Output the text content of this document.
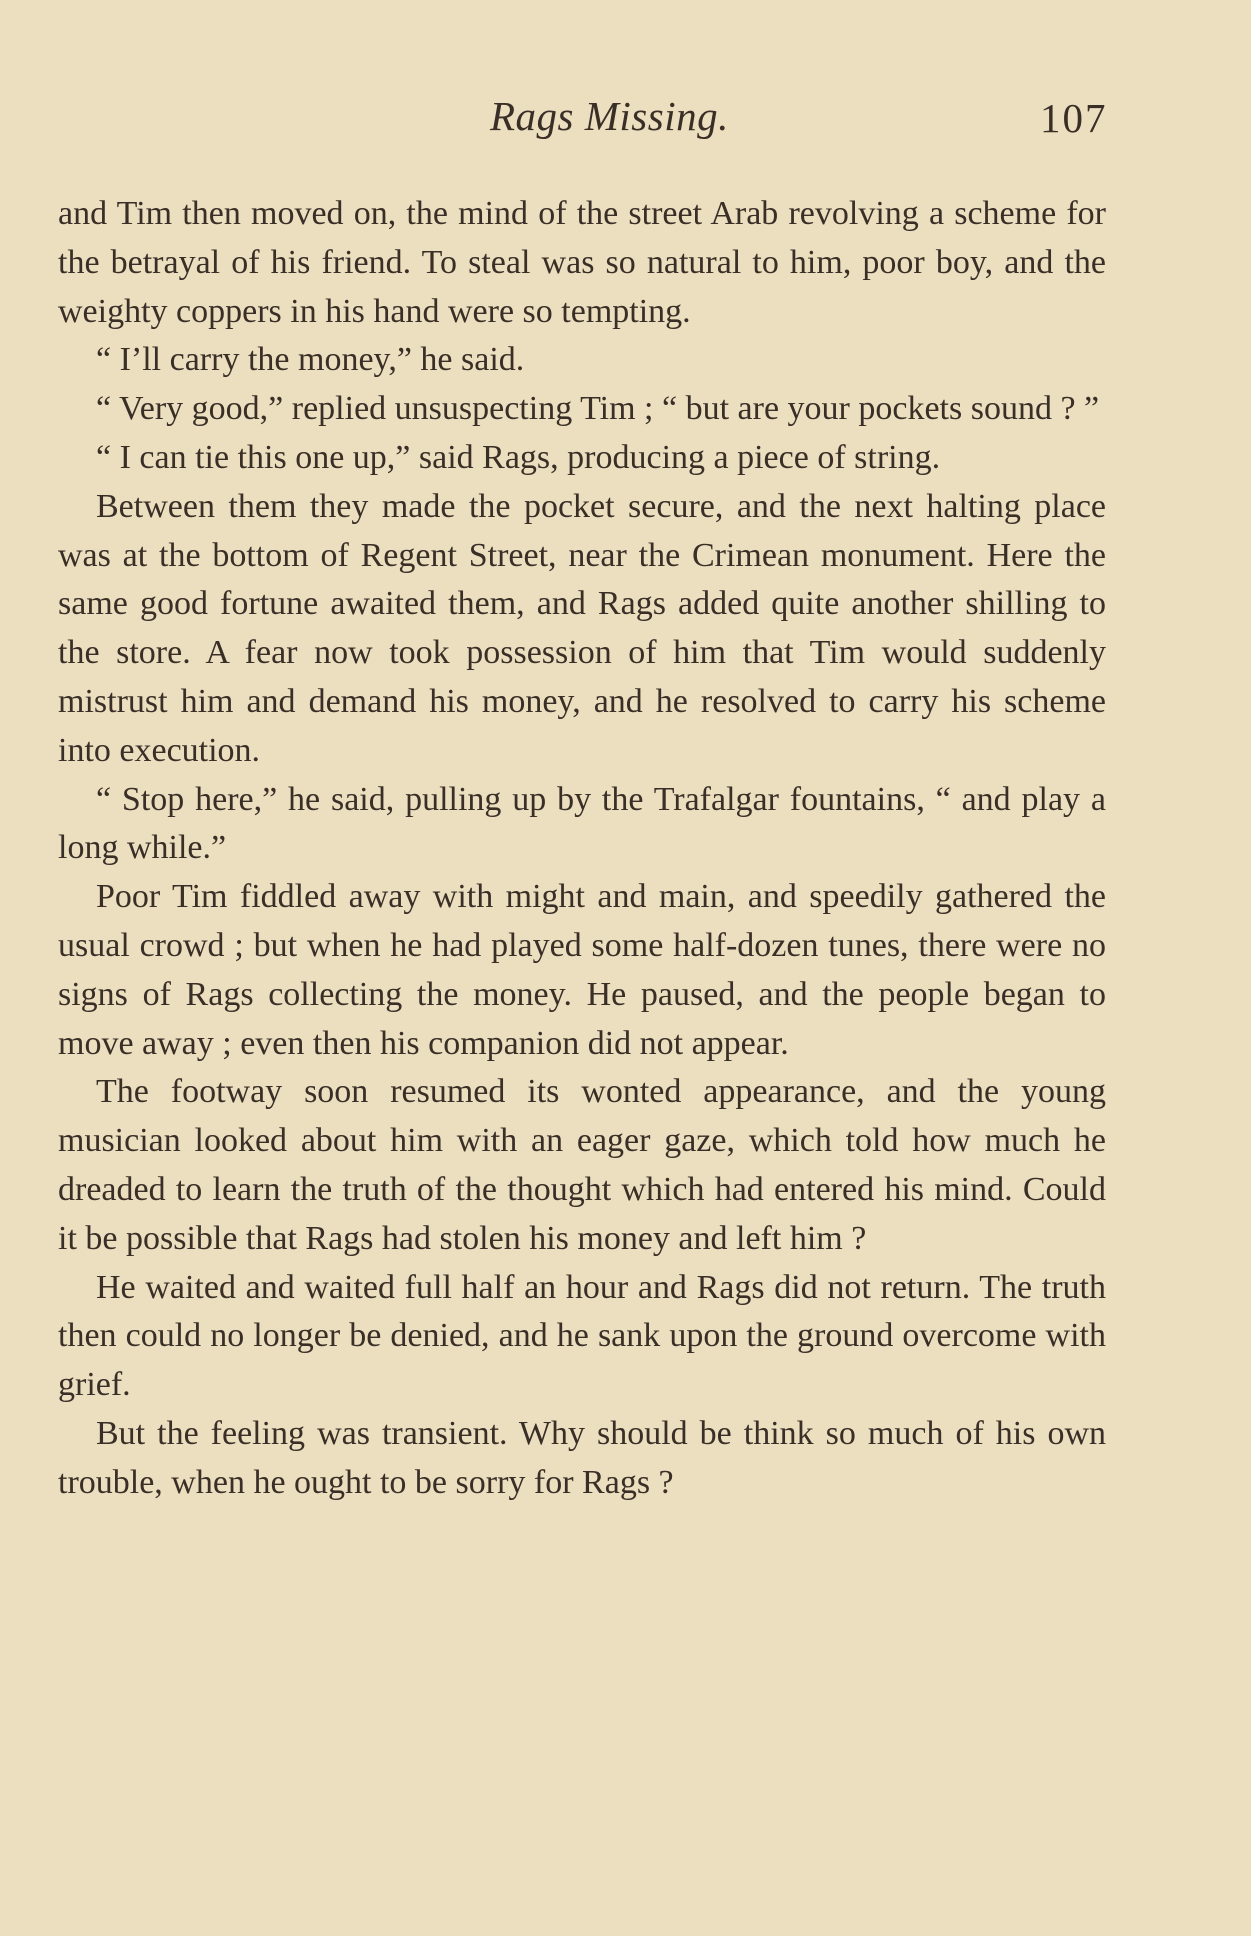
Rags Missing.	107

and Tim then moved on, the mind of the street Arab revolving a scheme for the betrayal of his friend. To steal was so natural to him, poor boy, and the weighty coppers in his hand were so tempting.

“ I’ll carry the money,” he said.

“ Very good,” replied unsuspecting Tim ; “ but are your pockets sound ? ”

“ I can tie this one up,” said Rags, producing a piece of string.

Between them they made the pocket secure, and the next halting place was at the bottom of Regent Street, near the Crimean monument. Here the same good fortune awaited them, and Rags added quite another shilling to the store. A fear now took possession of him that Tim would suddenly mistrust him and demand his money, and he resolved to carry his scheme into execution.

“ Stop here,” he said, pulling up by the Trafalgar fountains, “ and play a long while.”

Poor Tim fiddled away with might and main, and speedily gathered the usual crowd ; but when he had played some half-dozen tunes, there were no signs of Rags collecting the money. He paused, and the people began to move away ; even then his companion did not appear.

The footway soon resumed its wonted appearance, and the young musician looked about him with an eager gaze, which told how much he dreaded to learn the truth of the thought which had entered his mind. Could it be possible that Rags had stolen his money and left him ?

He waited and waited full half an hour and Rags did not return. The truth then could no longer be denied, and he sank upon the ground overcome with grief.

But the feeling was transient. Why should be think so much of his own trouble, when he ought to be sorry for Rags ?
